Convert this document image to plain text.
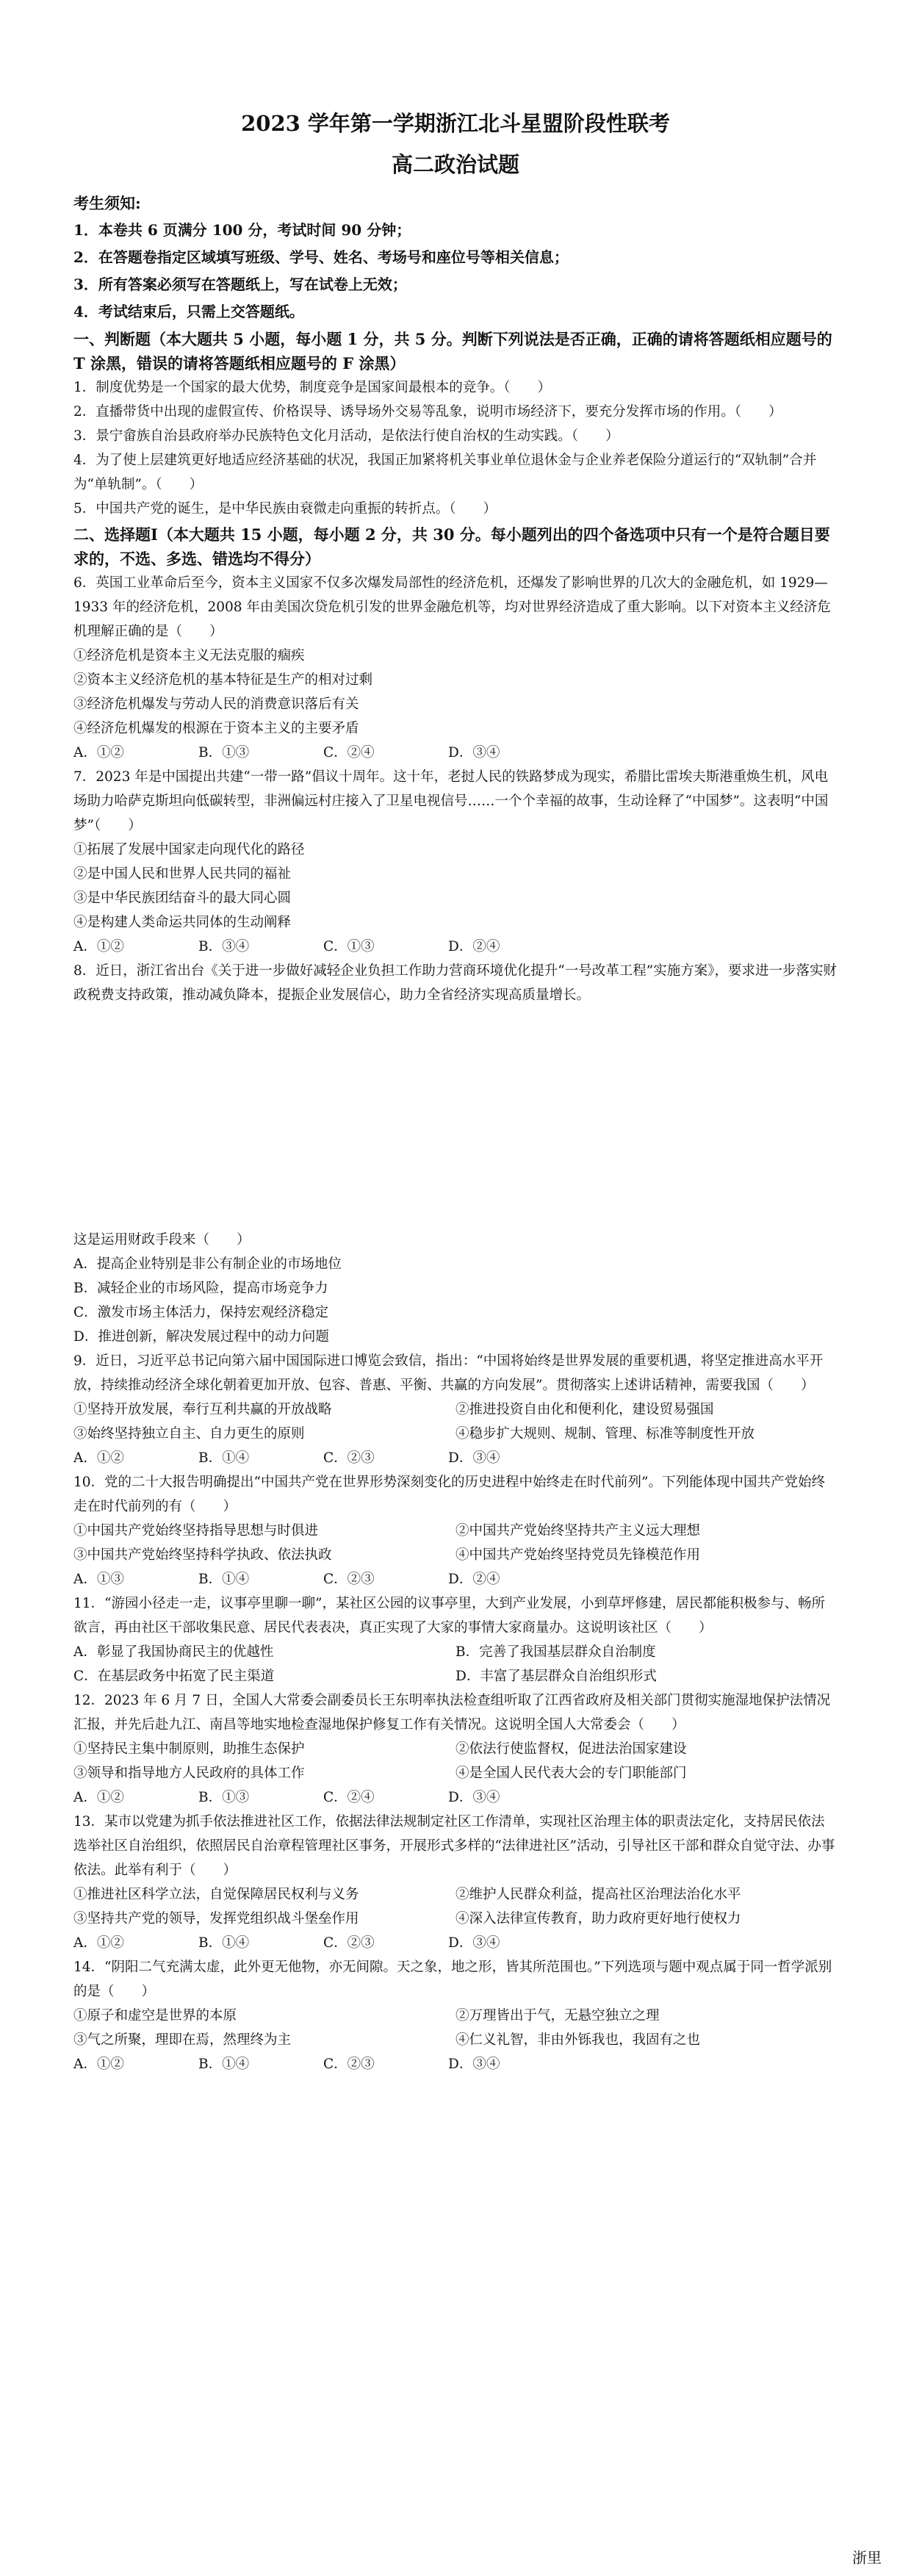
2023 学年第一学期浙江北斗星盟阶段性联考
高二政治试题
考生须知:
1．本卷共 6 页满分 100 分，考试时间 90 分钟；
2．在答题卷指定区域填写班级、学号、姓名、考场号和座位号等相关信息；
3．所有答案必须写在答题纸上，写在试卷上无效；
4．考试结束后，只需上交答题纸。
一、判断题（本大题共 5 小题，每小题 1 分，共 5 分。判断下列说法是否正确，正确的请将答题纸相应题号的 T 涂黑，错误的请将答题纸相应题号的 F 涂黑）
1．制度优势是一个国家的最大优势，制度竞争是国家间最根本的竞争。（　　）
2．直播带货中出现的虚假宣传、价格误导、诱导场外交易等乱象，说明市场经济下，要充分发挥市场的作用。（　　）
3．景宁畲族自治县政府举办民族特色文化月活动，是依法行使自治权的生动实践。（　　）
4．为了使上层建筑更好地适应经济基础的状况，我国正加紧将机关事业单位退休金与企业养老保险分道运行的“双轨制”合并为“单轨制”。（　　）
5．中国共产党的诞生，是中华民族由衰微走向重振的转折点。（　　）
二、选择题Ⅰ（本大题共 15 小题，每小题 2 分，共 30 分。每小题列出的四个备选项中只有一个是符合题目要求的，不选、多选、错选均不得分）
6．英国工业革命后至今，资本主义国家不仅多次爆发局部性的经济危机，还爆发了影响世界的几次大的金融危机，如 1929—1933 年的经济危机，2008 年由美国次贷危机引发的世界金融危机等，均对世界经济造成了重大影响。以下对资本主义经济危机理解正确的是（　　）
①经济危机是资本主义无法克服的痼疾
②资本主义经济危机的基本特征是生产的相对过剩
③经济危机爆发与劳动人民的消费意识落后有关
④经济危机爆发的根源在于资本主义的主要矛盾
A．①②	B．①③	C．②④	D．③④
7．2023 年是中国提出共建“一带一路”倡议十周年。这十年，老挝人民的铁路梦成为现实，希腊比雷埃夫斯港重焕生机，风电场助力哈萨克斯坦向低碳转型，非洲偏远村庄接入了卫星电视信号……一个个幸福的故事，生动诠释了“中国梦”。这表明“中国梦”（　　）
①拓展了发展中国家走向现代化的路径
②是中国人民和世界人民共同的福祉
③是中华民族团结奋斗的最大同心圆
④是构建人类命运共同体的生动阐释
A．①②	B．③④	C．①③	D．②④
8．近日，浙江省出台《关于进一步做好减轻企业负担工作助力营商环境优化提升“一号改革工程”实施方案》，要求进一步落实财政税费支持政策，推动减负降本，提振企业发展信心，助力全省经济实现高质量增长。
这是运用财政手段来（　　）
A．提高企业特别是非公有制企业的市场地位
B．减轻企业的市场风险，提高市场竞争力
C．激发市场主体活力，保持宏观经济稳定
D．推进创新，解决发展过程中的动力问题
9．近日，习近平总书记向第六届中国国际进口博览会致信，指出：“中国将始终是世界发展的重要机遇，将坚定推进高水平开放，持续推动经济全球化朝着更加开放、包容、普惠、平衡、共赢的方向发展”。贯彻落实上述讲话精神，需要我国（　　）
①坚持开放发展，奉行互利共赢的开放战略	②推进投资自由化和便利化，建设贸易强国
③始终坚持独立自主、自力更生的原则	④稳步扩大规则、规制、管理、标准等制度性开放
A．①②	B．①④	C．②③	D．③④
10．党的二十大报告明确提出“中国共产党在世界形势深刻变化的历史进程中始终走在时代前列”。下列能体现中国共产党始终走在时代前列的有（　　）
①中国共产党始终坚持指导思想与时俱进	②中国共产党始终坚持共产主义远大理想
③中国共产党始终坚持科学执政、依法执政	④中国共产党始终坚持党员先锋模范作用
A．①③	B．①④	C．②③	D．②④
11．“游园小径走一走，议事亭里聊一聊”，某社区公园的议事亭里，大到产业发展，小到草坪修建，居民都能积极参与、畅所欲言，再由社区干部收集民意、居民代表表决，真正实现了大家的事情大家商量办。这说明该社区（　　）
A．彰显了我国协商民主的优越性	B．完善了我国基层群众自治制度
C．在基层政务中拓宽了民主渠道	D．丰富了基层群众自治组织形式
12．2023 年 6 月 7 日，全国人大常委会副委员长王东明率执法检查组听取了江西省政府及相关部门贯彻实施湿地保护法情况汇报，并先后赴九江、南昌等地实地检查湿地保护修复工作有关情况。这说明全国人大常委会（　　）
①坚持民主集中制原则，助推生态保护	②依法行使监督权，促进法治国家建设
③领导和指导地方人民政府的具体工作	④是全国人民代表大会的专门职能部门
A．①②	B．①③	C．②④	D．③④
13．某市以党建为抓手依法推进社区工作，依据法律法规制定社区工作清单，实现社区治理主体的职责法定化，支持居民依法选举社区自治组织，依照居民自治章程管理社区事务，开展形式多样的“法律进社区”活动，引导社区干部和群众自觉守法、办事依法。此举有利于（　　）
①推进社区科学立法，自觉保障居民权利与义务	②维护人民群众利益，提高社区治理法治化水平
③坚持共产党的领导，发挥党组织战斗堡垒作用	④深入法律宣传教育，助力政府更好地行使权力
A．①②	B．①④	C．②③	D．③④
14．“阴阳二气充满太虚，此外更无他物，亦无间隙。天之象，地之形，皆其所范围也。”下列选项与题中观点属于同一哲学派别的是（　　）
①原子和虚空是世界的本原	②万理皆出于气，无悬空独立之理
③气之所聚，理即在焉，然理终为主	④仁义礼智，非由外铄我也，我固有之也
A．①②	B．①④	C．②③	D．③④
浙里
